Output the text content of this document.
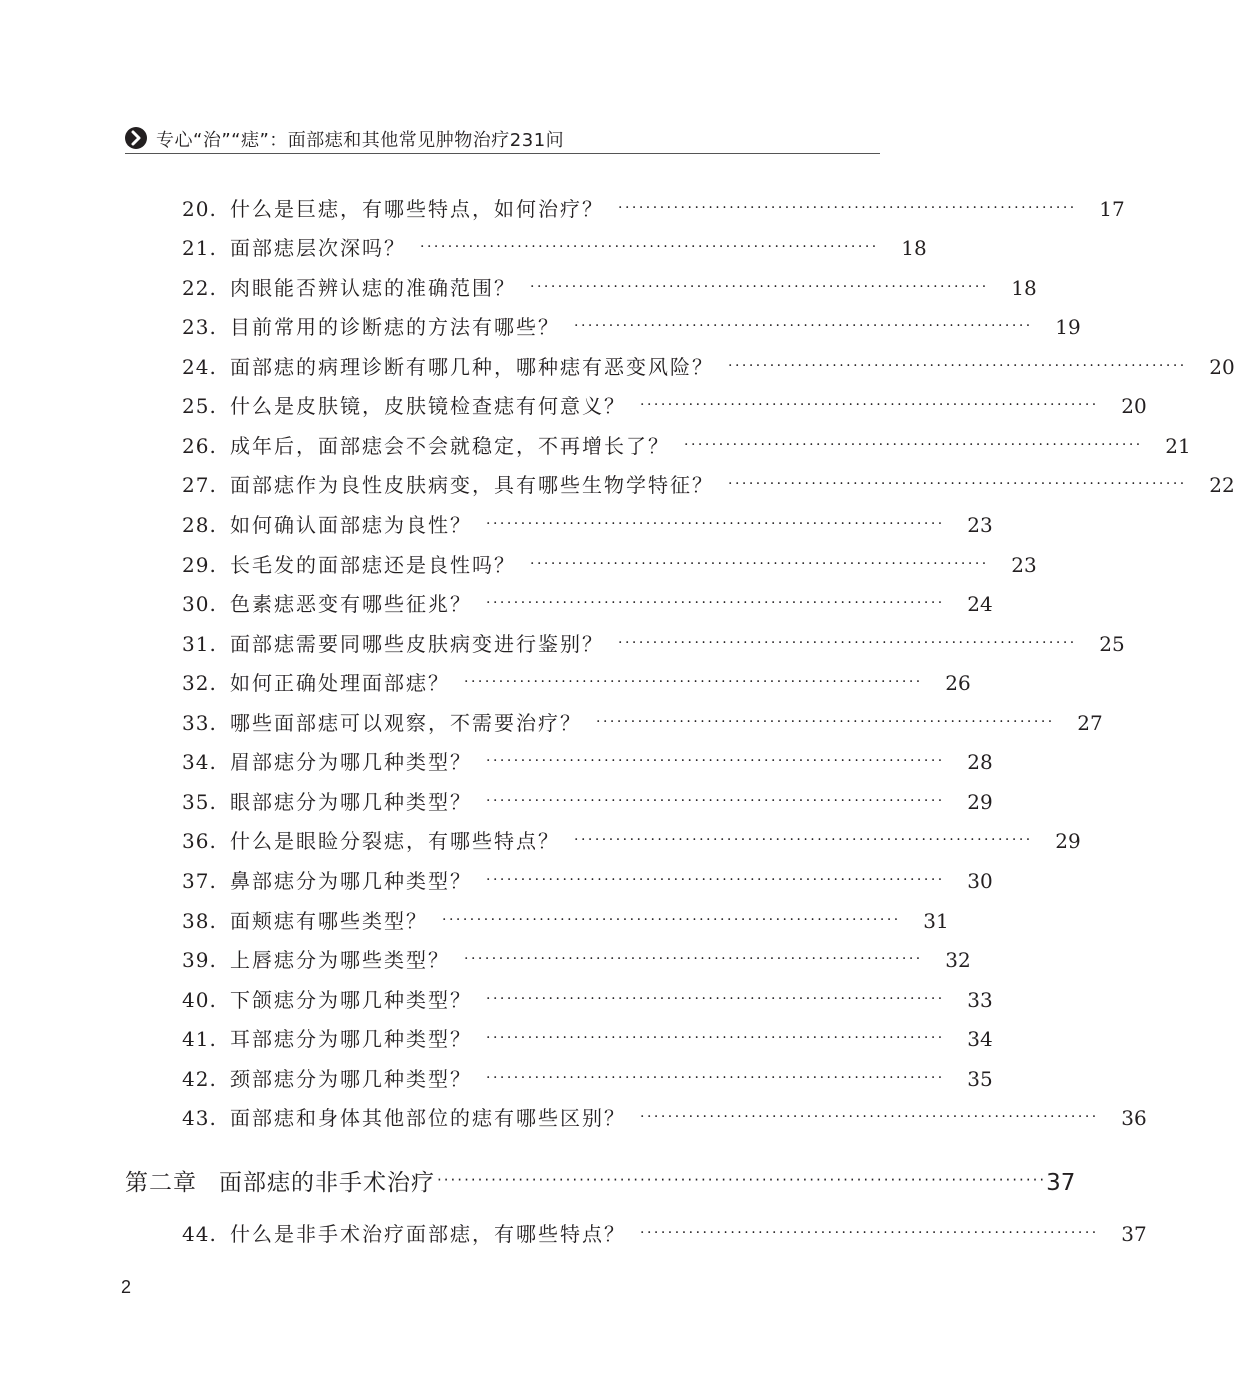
专心“治”“痣”：面部痣和其他常见肿物治疗231问
20. 什么是巨痣，有哪些特点，如何治疗？ ·································································· 17
21. 面部痣层次深吗？ ·································································· 18
22. 肉眼能否辨认痣的准确范围？ ·································································· 18
23. 目前常用的诊断痣的方法有哪些？ ·································································· 19
24. 面部痣的病理诊断有哪几种，哪种痣有恶变风险？ ·································································· 20
25. 什么是皮肤镜，皮肤镜检查痣有何意义？ ·································································· 20
26. 成年后，面部痣会不会就稳定，不再增长了？ ·································································· 21
27. 面部痣作为良性皮肤病变，具有哪些生物学特征？ ·································································· 22
28. 如何确认面部痣为良性？ ·································································· 23
29. 长毛发的面部痣还是良性吗？ ·································································· 23
30. 色素痣恶变有哪些征兆？ ·································································· 24
31. 面部痣需要同哪些皮肤病变进行鉴别？ ·································································· 25
32. 如何正确处理面部痣？ ·································································· 26
33. 哪些面部痣可以观察，不需要治疗？ ·································································· 27
34. 眉部痣分为哪几种类型？ ·································································· 28
35. 眼部痣分为哪几种类型？ ·································································· 29
36. 什么是眼睑分裂痣，有哪些特点？ ·································································· 29
37. 鼻部痣分为哪几种类型？ ·································································· 30
38. 面颊痣有哪些类型？ ·································································· 31
39. 上唇痣分为哪些类型？ ·································································· 32
40. 下颌痣分为哪几种类型？ ·································································· 33
41. 耳部痣分为哪几种类型？ ·································································· 34
42. 颈部痣分为哪几种类型？ ·································································· 35
43. 面部痣和身体其他部位的痣有哪些区别？ ·································································· 36
第二章 面部痣的非手术治疗 ·························································································· 37
44. 什么是非手术治疗面部痣，有哪些特点？ ·································································· 37
2
